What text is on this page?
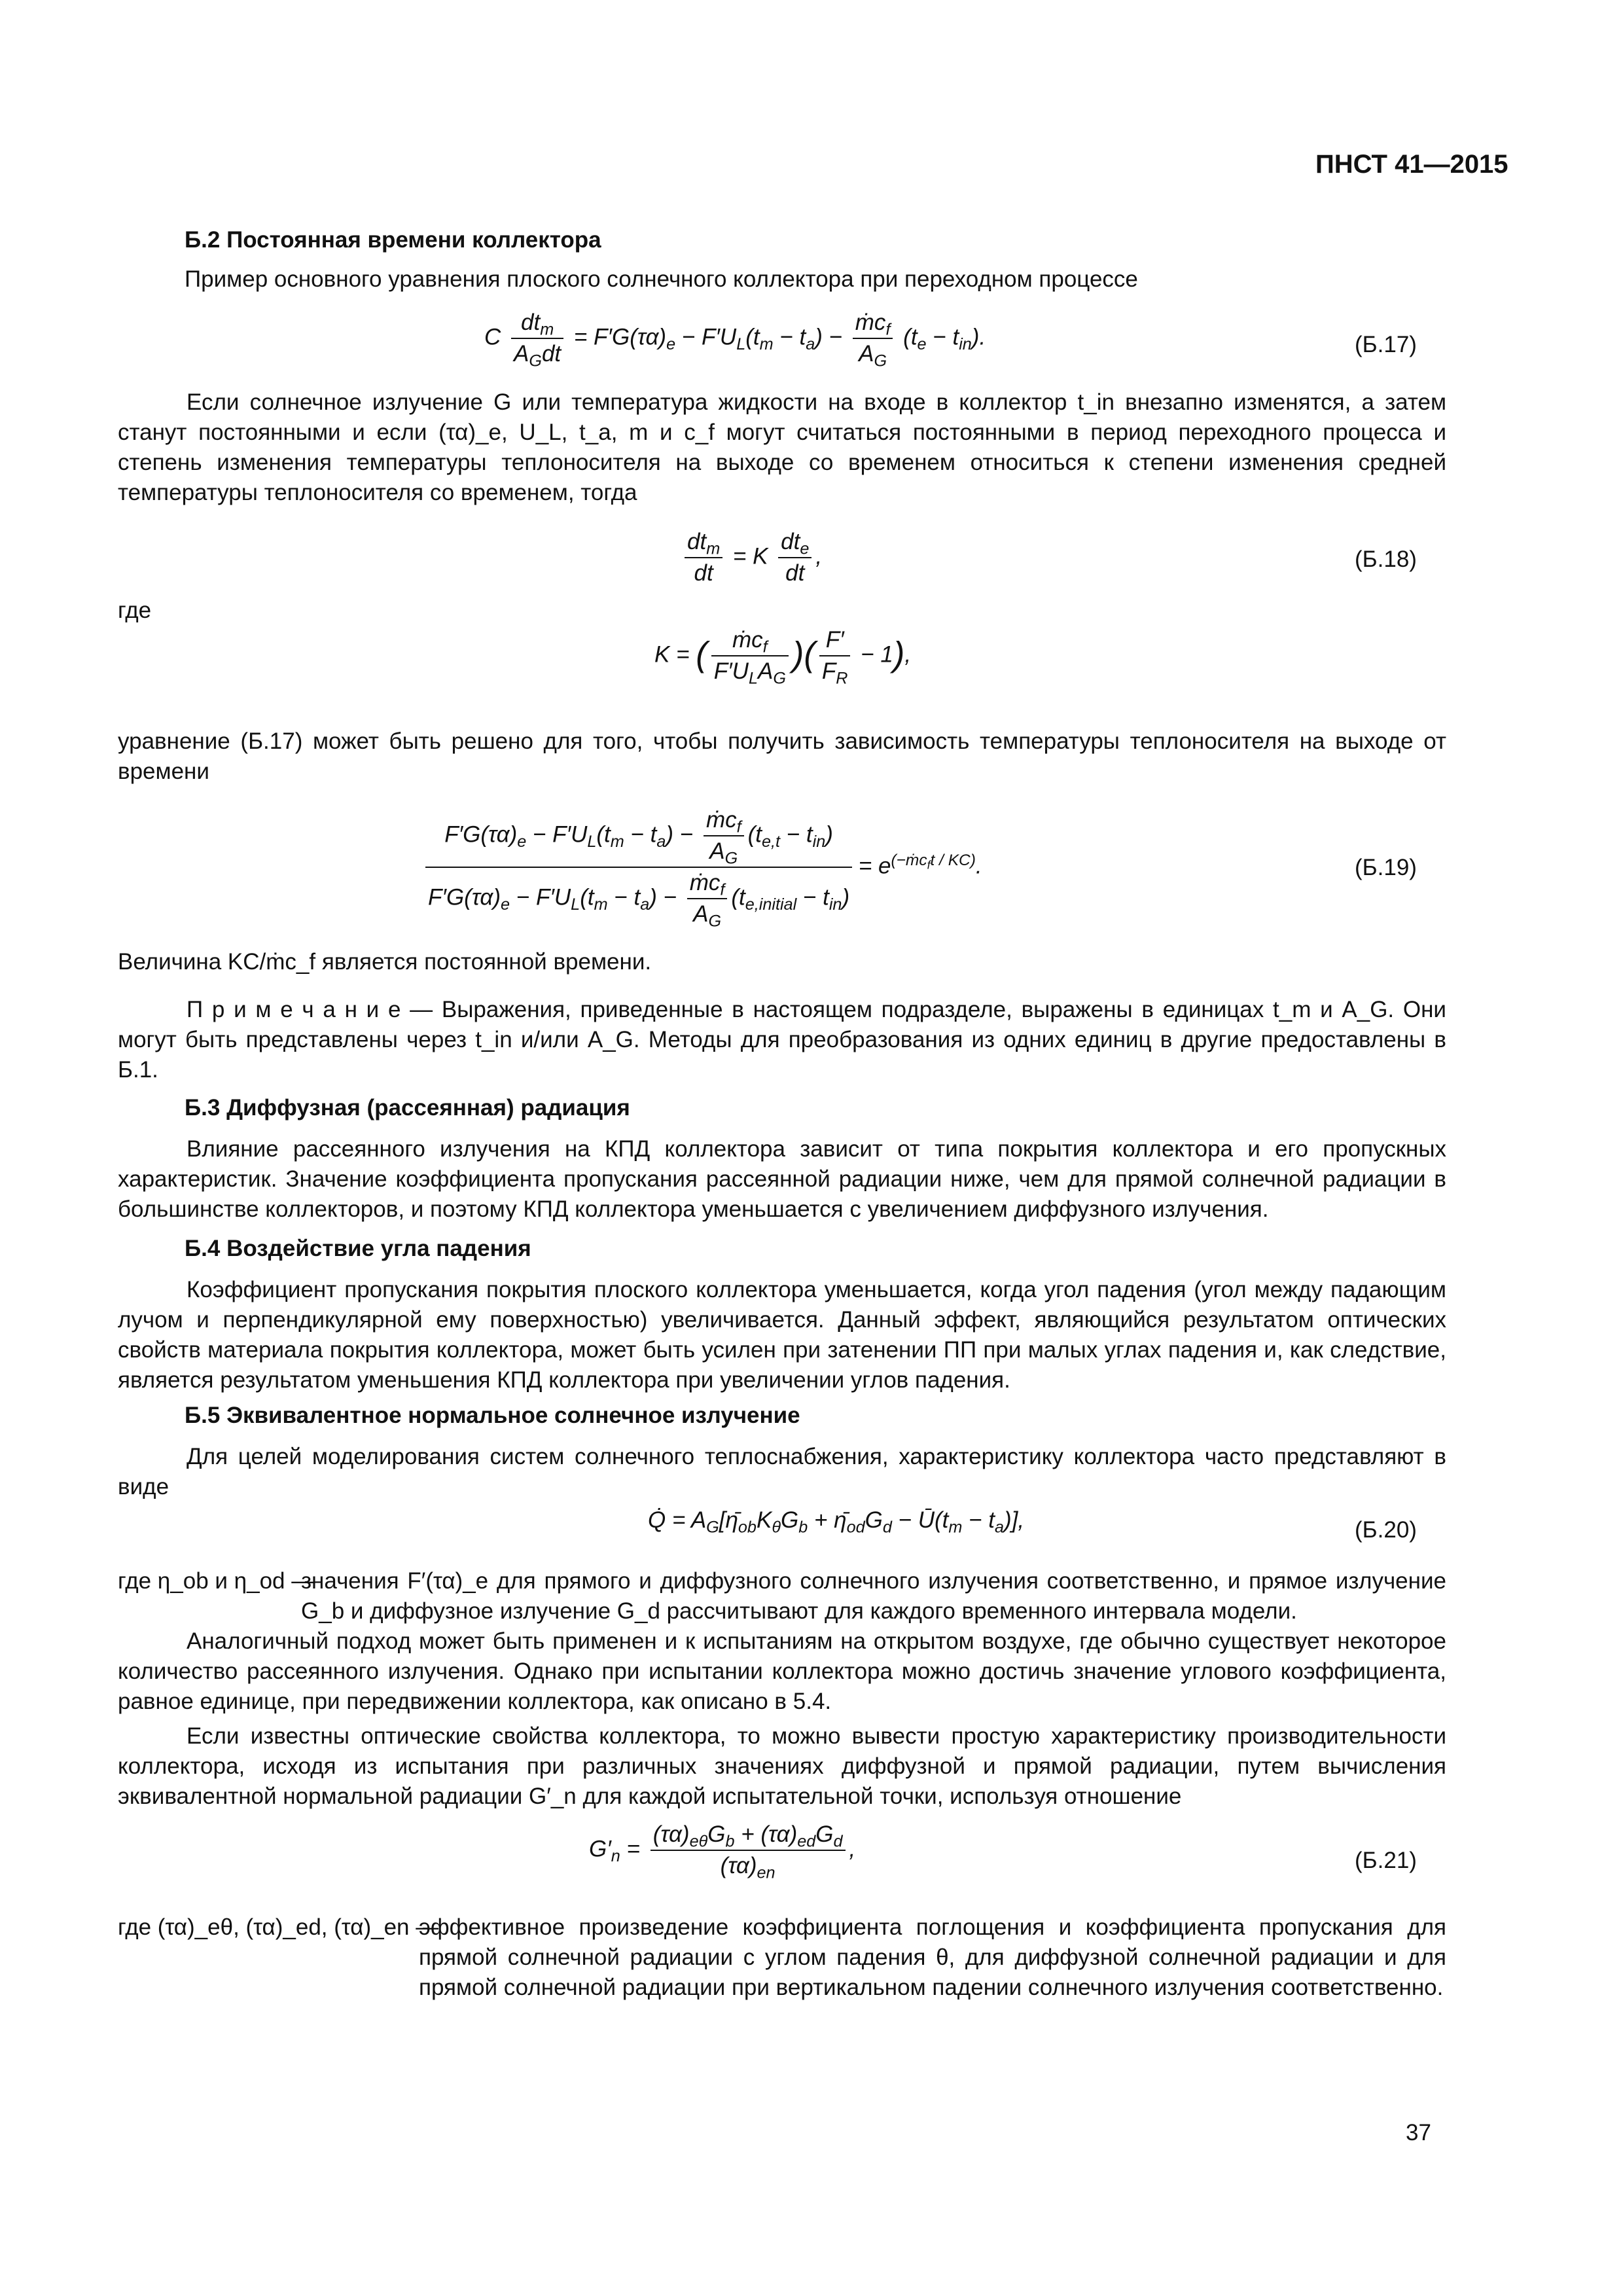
ПНСТ 41—2015
Б.2 Постоянная времени коллектора
Пример основного уравнения плоского солнечного коллектора при переходном процессе
C $\frac{dt_m}{A_Gdt} = F'G(\tau\alpha)_e - F'U_L(t_m - t_a) - \frac{ṁc_f}{A_G} (t_e - t_{in})$.	(Б.17)
Если солнечное излучение G или температура жидкости на входе в коллектор t_in внезапно изменятся, а затем станут постоянными и если (τα)_e, U_L, t_a, m и c_f могут считаться постоянными в период переходного процесса и степень изменения температуры теплоносителя на выходе со временем относиться к степени изменения средней температуры теплоносителя со временем, тогда
$\frac{dt_m}{dt} = K \frac{dt_e}{dt}$ ,	(Б.18)
где
K = ( $\frac{ṁc_f}{F'U_LA_G}$ )( $\frac{F'}{F_R} - 1$),
уравнение (Б.17) может быть решено для того, чтобы получить зависимость температуры теплоносителя на выходе от времени
$\frac{F'G(\tau\alpha)_e - F'U_L(t_m - t_a) - \frac{ṁc_f}{A_G} (t_{e,t} - t_{in})}{F'G(\tau\alpha)_e - F'U_L(t_m - t_a) - \frac{ṁc_f}{A_G} (t_{e,initial} - t_{in})} = e^{(-ṁc_ft / KC)}$.	(Б.19)
Величина KC/ṁc_f является постоянной времени.
П р и м е ч а н и е — Выражения, приведенные в настоящем подразделе, выражены в единицах t_m и A_G. Они могут быть представлены через t_in и/или A_G. Методы для преобразования из одних единиц в другие предоставлены в Б.1.
Б.3 Диффузная (рассеянная) радиация
Влияние рассеянного излучения на КПД коллектора зависит от типа покрытия коллектора и его пропускных характеристик. Значение коэффициента пропускания рассеянной радиации ниже, чем для прямой солнечной радиации в большинстве коллекторов, и поэтому КПД коллектора уменьшается с увеличением диффузного излучения.
Б.4 Воздействие угла падения
Коэффициент пропускания покрытия плоского коллектора уменьшается, когда угол падения (угол между падающим лучом и перпендикулярной ему поверхностью) увеличивается. Данный эффект, являющийся результатом оптических свойств материала покрытия коллектора, может быть усилен при затенении ПП при малых углах падения и, как следствие, является результатом уменьшения КПД коллектора при увеличении углов падения.
Б.5 Эквивалентное нормальное солнечное излучение
Для целей моделирования систем солнечного теплоснабжения, характеристику коллектора часто представляют в виде
Q̇ = $A_G[\etā_{ob}K_\theta G_b$ + $\etā_{od}G_d$ − $Ū(t_m - t_a)$],	(Б.20)
где η_ob и η_od —
значения F′(τα)_e для прямого и диффузного солнечного излучения соответственно, и прямое излучение G_b и диффузное излучение G_d рассчитывают для каждого временного интервала модели.
Аналогичный подход может быть применен и к испытаниям на открытом воздухе, где обычно существует некоторое количество рассеянного излучения. Однако при испытании коллектора можно достичь значение углового коэффициента, равное единице, при передвижении коллектора, как описано в 5.4.
Если известны оптические свойства коллектора, то можно вывести простую характеристику производительности коллектора, исходя из испытания при различных значениях диффузной и прямой радиации, путем вычисления эквивалентной нормальной радиации G′_n для каждой испытательной точки, используя отношение
$G'_n = \frac{(\tau\alpha)_{e\theta}G_b + (\tau\alpha)_{ed}G_d}{(\tau\alpha)_{en}}$ ,	(Б.21)
где (τα)_eθ, (τα)_ed, (τα)_en —
эффективное произведение коэффициента поглощения и коэффициента пропускания для прямой солнечной радиации с углом падения θ, для диффузной солнечной радиации и для прямой солнечной радиации при вертикальном падении солнечного излучения соответственно.
37
